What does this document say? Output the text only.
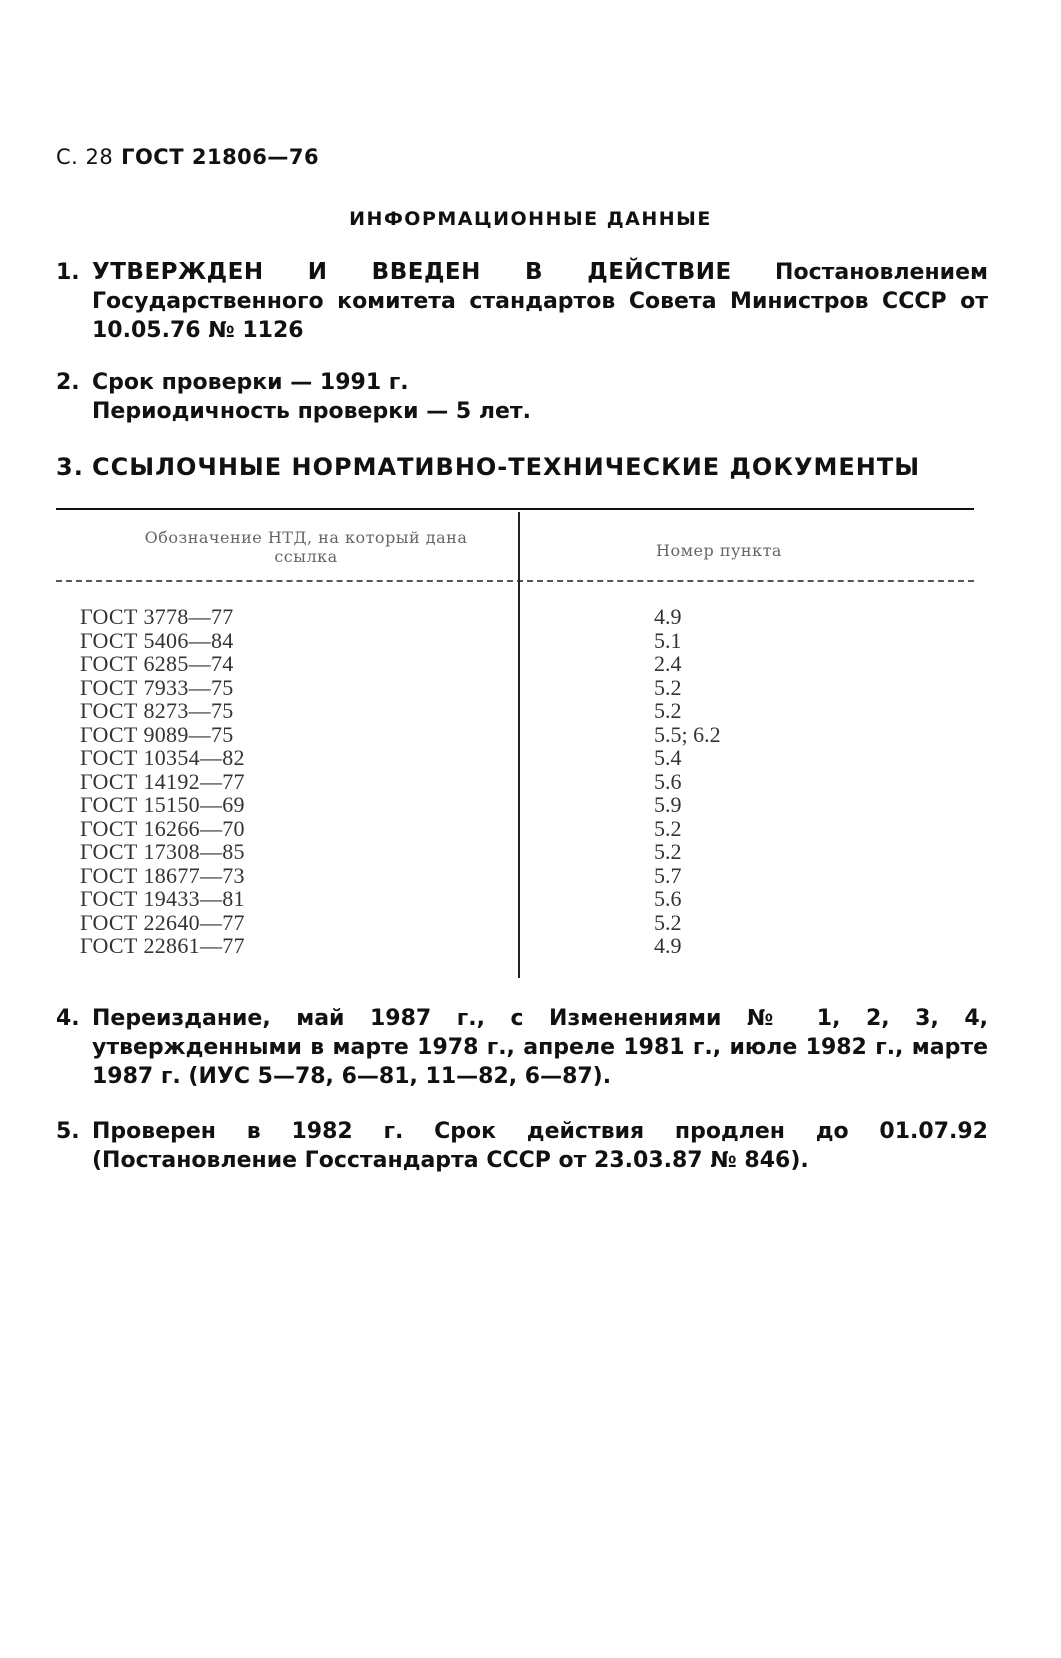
С. 28 ГОСТ 21806—76
ИНФОРМАЦИОННЫЕ ДАННЫЕ
1. УТВЕРЖДЕН И ВВЕДЕН В ДЕЙСТВИЕ Постановлением Государственного комитета стандартов Совета Министров СССР от 10.05.76 № 1126
2. Срок проверки — 1991 г.
Периодичность проверки — 5 лет.
3. ССЫЛОЧНЫЕ НОРМАТИВНО-ТЕХНИЧЕСКИЕ ДОКУМЕНТЫ
Обозначение НТД, на который дана ссылка	Номер пункта
ГОСТ 3778—77	4.9
ГОСТ 5406—84	5.1
ГОСТ 6285—74	2.4
ГОСТ 7933—75	5.2
ГОСТ 8273—75	5.2
ГОСТ 9089—75	5.5; 6.2
ГОСТ 10354—82	5.4
ГОСТ 14192—77	5.6
ГОСТ 15150—69	5.9
ГОСТ 16266—70	5.2
ГОСТ 17308—85	5.2
ГОСТ 18677—73	5.7
ГОСТ 19433—81	5.6
ГОСТ 22640—77	5.2
ГОСТ 22861—77	4.9
4. Переиздание, май 1987 г., с Изменениями № 1, 2, 3, 4, утвержденными в марте 1978 г., апреле 1981 г., июле 1982 г., марте 1987 г. (ИУС 5—78, 6—81, 11—82, 6—87).
5. Проверен в 1982 г. Срок действия продлен до 01.07.92 (Постановление Госстандарта СССР от 23.03.87 № 846).
